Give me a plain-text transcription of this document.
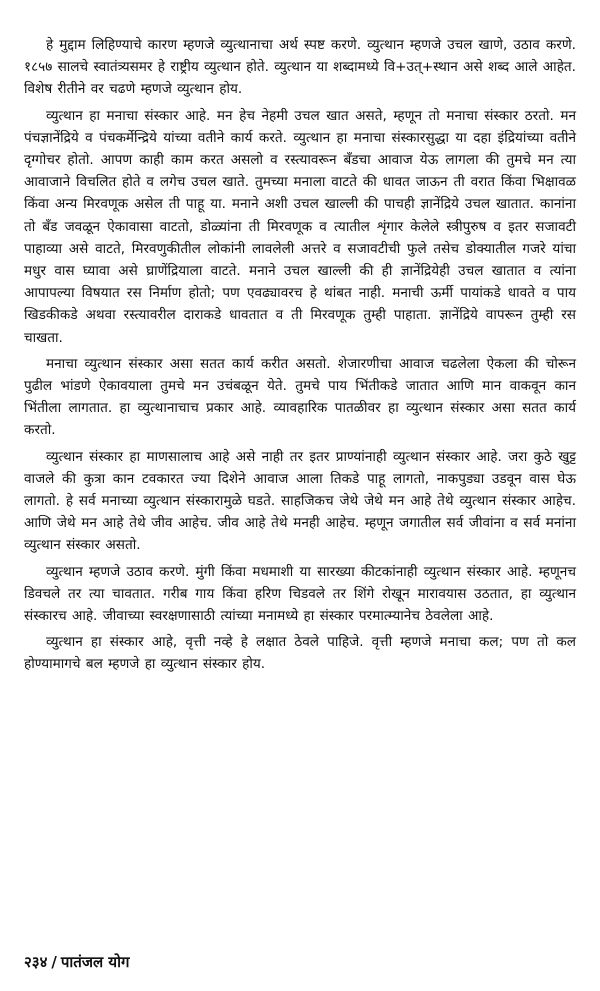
हे मुद्दाम लिहिण्याचे कारण म्हणजे व्युत्थानाचा अर्थ स्पष्ट करणे. व्युत्थान म्हणजे उचल खाणे, उठाव करणे. १८५७ सालचे स्वातंत्र्यसमर हे राष्ट्रीय व्युत्थान होते. व्युत्थान या शब्दामध्ये वि+उत्+स्थान असे शब्द आले आहेत. विशेष रीतीने वर चढणे म्हणजे व्युत्थान होय.

व्युत्थान हा मनाचा संस्कार आहे. मन हेच नेहमी उचल खात असते, म्हणून तो मनाचा संस्कार ठरतो. मन पंचज्ञानेंद्रिये व पंचकर्मेन्द्रिये यांच्या वतीने कार्य करते. व्युत्थान हा मनाचा संस्कारसुद्धा या दहा इंद्रियांच्या वतीने दृग्गोचर होतो. आपण काही काम करत असलो व रस्त्यावरून बँडचा आवाज येऊ लागला की तुमचे मन त्या आवाजाने विचलित होते व लगेच उचल खाते. तुमच्या मनाला वाटते की धावत जाऊन ती वरात किंवा भिक्षावळ किंवा अन्य मिरवणूक असेल ती पाहू या. मनाने अशी उचल खाल्ली की पाचही ज्ञानेंद्रिये उचल खातात. कानांना तो बँड जवळून ऐकावासा वाटतो, डोळ्यांना ती मिरवणूक व त्यातील शृंगार केलेले स्त्रीपुरुष व इतर सजावटी पाहाव्या असे वाटते, मिरवणुकीतील लोकांनी लावलेली अत्तरे व सजावटीची फुले तसेच डोक्यातील गजरे यांचा मधुर वास घ्यावा असे घ्राणेंद्रियाला वाटते. मनाने उचल खाल्ली की ही ज्ञानेंद्रियेही उचल खातात व त्यांना आपापल्या विषयात रस निर्माण होतो; पण एवढ्यावरच हे थांबत नाही. मनाची ऊर्मी पायांकडे धावते व पाय खिडकीकडे अथवा रस्त्यावरील दाराकडे धावतात व ती मिरवणूक तुम्ही पाहाता. ज्ञानेंद्रिये वापरून तुम्ही रस चाखता.

मनाचा व्युत्थान संस्कार असा सतत कार्य करीत असतो. शेजारणीचा आवाज चढलेला ऐकला की चोरून पुढील भांडणे ऐकावयाला तुमचे मन उचंबळून येते. तुमचे पाय भिंतीकडे जातात आणि मान वाकवून कान भिंतीला लागतात. हा व्युत्थानाचाच प्रकार आहे. व्यावहारिक पातळीवर हा व्युत्थान संस्कार असा सतत कार्य करतो.

व्युत्थान संस्कार हा माणसालाच आहे असे नाही तर इतर प्राण्यांनाही व्युत्थान संस्कार आहे. जरा कुठे खुट्ट वाजले की कुत्रा कान टवकारत ज्या दिशेने आवाज आला तिकडे पाहू लागतो, नाकपुड्या उडवून वास घेऊ लागतो. हे सर्व मनाच्या व्युत्थान संस्कारामुळे घडते. साहजिकच जेथे जेथे मन आहे तेथे व्युत्थान संस्कार आहेच. आणि जेथे मन आहे तेथे जीव आहेच. जीव आहे तेथे मनही आहेच. म्हणून जगातील सर्व जीवांना व सर्व मनांना व्युत्थान संस्कार असतो.

व्युत्थान म्हणजे उठाव करणे. मुंगी किंवा मधमाशी या सारख्या कीटकांनाही व्युत्थान संस्कार आहे. म्हणूनच डिवचले तर त्या चावतात. गरीब गाय किंवा हरिण चिडवले तर शिंगे रोखून मारावयास उठतात, हा व्युत्थान संस्कारच आहे. जीवाच्या स्वरक्षणासाठी त्यांच्या मनामध्ये हा संस्कार परमात्म्यानेच ठेवलेला आहे.

व्युत्थान हा संस्कार आहे, वृत्ती नव्हे हे लक्षात ठेवले पाहिजे. वृत्ती म्हणजे मनाचा कल; पण तो कल होण्यामागचे बल म्हणजे हा व्युत्थान संस्कार होय.

२३४ / पातंजल योग
